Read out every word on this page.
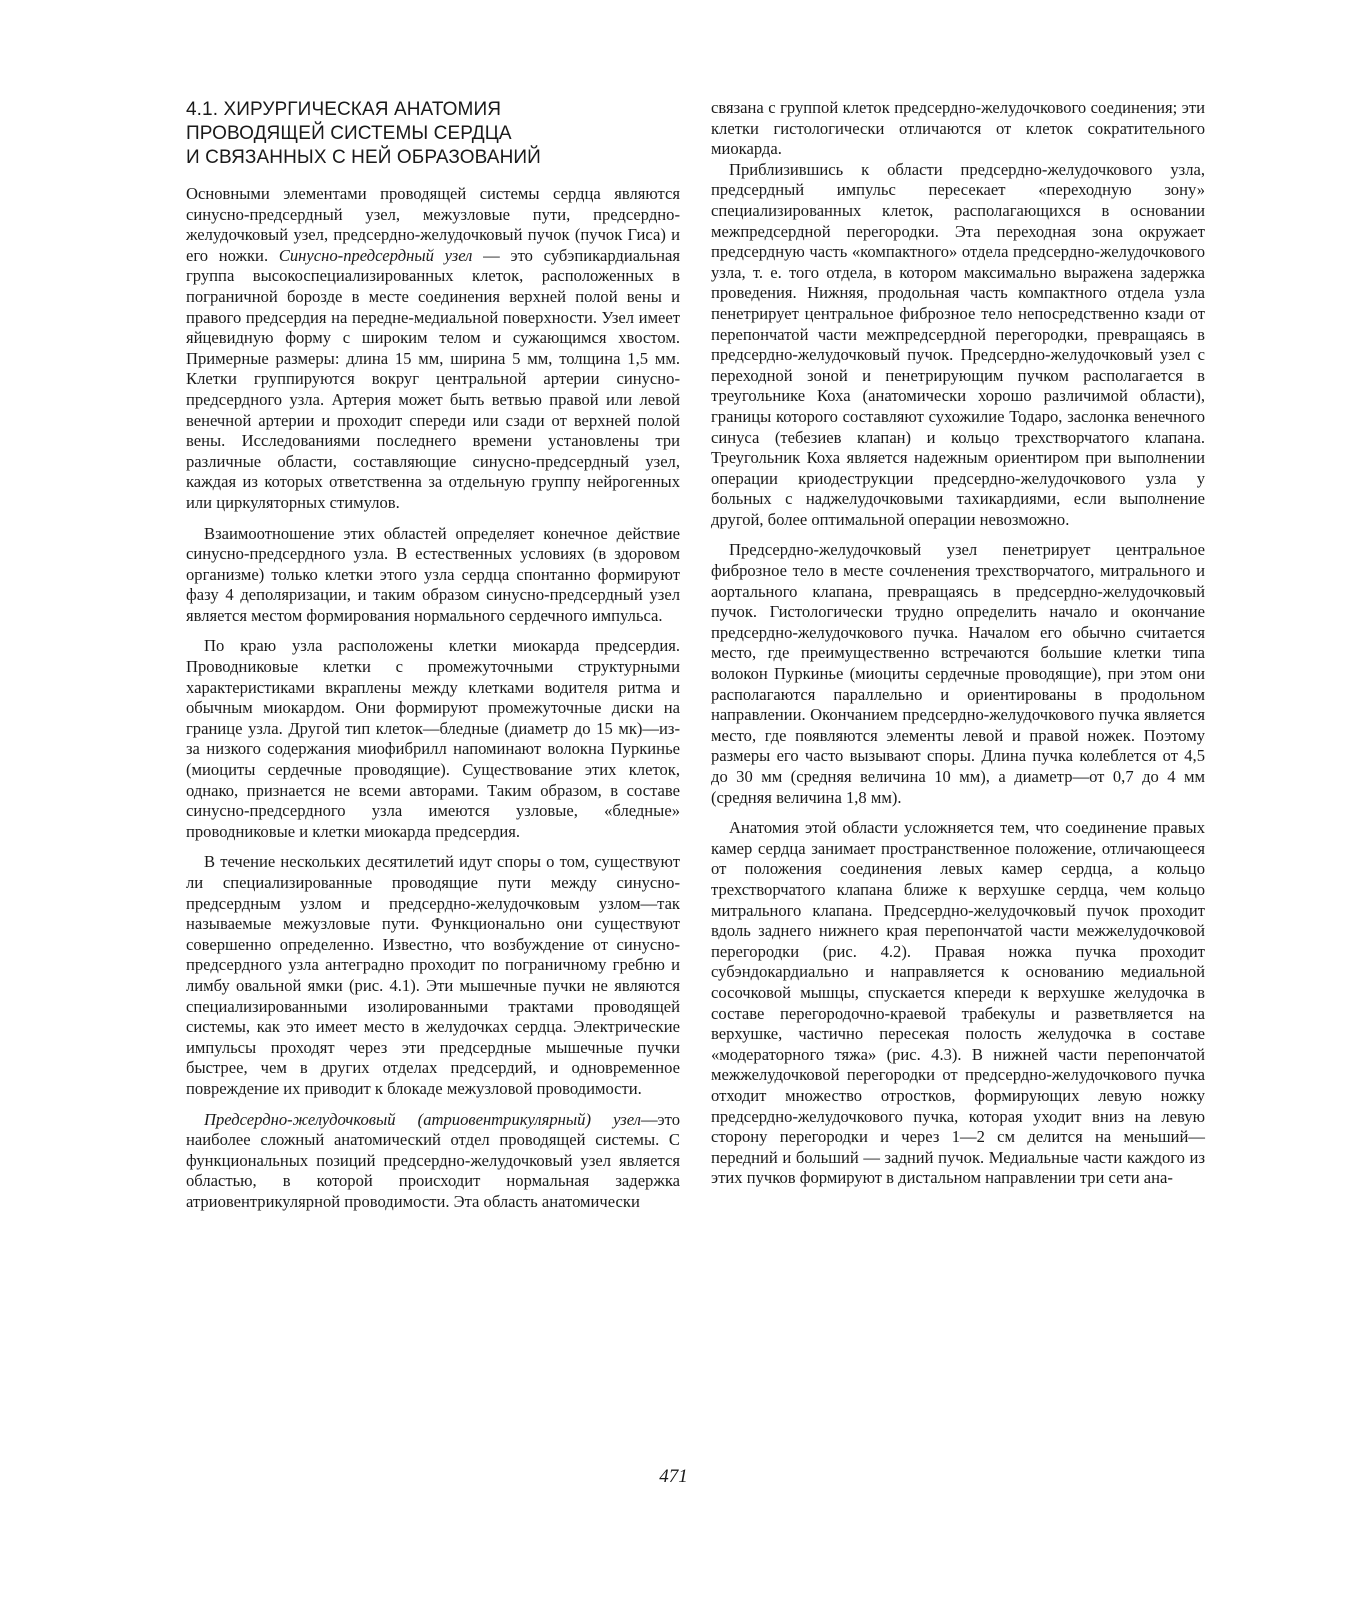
4.1. ХИРУРГИЧЕСКАЯ АНАТОМИЯ
ПРОВОДЯЩЕЙ СИСТЕМЫ СЕРДЦА
И СВЯЗАННЫХ С НЕЙ ОБРАЗОВАНИЙ

Основными элементами проводящей системы сердца являются синусно-предсердный узел, межузловые пути, предсердно-желудочковый узел, предсердно-желудочковый пучок (пучок Гиса) и его ножки. Синусно-предсердный узел — это субэпикардиальная группа высокоспециализированных клеток, расположенных в пограничной борозде в месте соединения верхней полой вены и правого предсердия на передне-медиальной поверхности. Узел имеет яйцевидную форму с широким телом и сужающимся хвостом. Примерные размеры: длина 15 мм, ширина 5 мм, толщина 1,5 мм. Клетки группируются вокруг центральной артерии синусно-предсердного узла. Артерия может быть ветвью правой или левой венечной артерии и проходит спереди или сзади от верхней полой вены. Исследованиями последнего времени установлены три различные области, составляющие синусно-предсердный узел, каждая из которых ответственна за отдельную группу нейрогенных или циркуляторных стимулов.

Взаимоотношение этих областей определяет конечное действие синусно-предсердного узла. В естественных условиях (в здоровом организме) только клетки этого узла сердца спонтанно формируют фазу 4 деполяризации, и таким образом синусно-предсердный узел является местом формирования нормального сердечного импульса.

По краю узла расположены клетки миокарда предсердия. Проводниковые клетки с промежуточными структурными характеристиками вкраплены между клетками водителя ритма и обычным миокардом. Они формируют промежуточные диски на границе узла. Другой тип клеток—бледные (диаметр до 15 мк)—из-за низкого содержания миофибрилл напоминают волокна Пуркинье (миоциты сердечные проводящие). Существование этих клеток, однако, признается не всеми авторами. Таким образом, в составе синусно-предсердного узла имеются узловые, «бледные» проводниковые и клетки миокарда предсердия.

В течение нескольких десятилетий идут споры о том, существуют ли специализированные проводящие пути между синусно-предсердным узлом и предсердно-желудочковым узлом—так называемые межузловые пути. Функционально они существуют совершенно определенно. Известно, что возбуждение от синусно-предсердного узла антеградно проходит по пограничному гребню и лимбу овальной ямки (рис. 4.1). Эти мышечные пучки не являются специализированными изолированными трактами проводящей системы, как это имеет место в желудочках сердца. Электрические импульсы проходят через эти предсердные мышечные пучки быстрее, чем в других отделах предсердий, и одновременное повреждение их приводит к блокаде межузловой проводимости.

Предсердно-желудочковый (атриовентрикулярный) узел—это наиболее сложный анатомический отдел проводящей системы. С функциональных позиций предсердно-желудочковый узел является областью, в которой происходит нормальная задержка атриовентрикулярной проводимости. Эта область анатомически

связана с группой клеток предсердно-желудочкового соединения; эти клетки гистологически отличаются от клеток сократительного миокарда.

Приблизившись к области предсердно-желудочкового узла, предсердный импульс пересекает «переходную зону» специализированных клеток, располагающихся в основании межпредсердной перегородки. Эта переходная зона окружает предсердную часть «компактного» отдела предсердно-желудочкового узла, т. е. того отдела, в котором максимально выражена задержка проведения. Нижняя, продольная часть компактного отдела узла пенетрирует центральное фиброзное тело непосредственно кзади от перепончатой части межпредсердной перегородки, превращаясь в предсердно-желудочковый пучок. Предсердно-желудочковый узел с переходной зоной и пенетрирующим пучком располагается в треугольнике Коха (анатомически хорошо различимой области), границы которого составляют сухожилие Тодаро, заслонка венечного синуса (тебезиев клапан) и кольцо трехстворчатого клапана. Треугольник Коха является надежным ориентиром при выполнении операции криодеструкции предсердно-желудочкового узла у больных с наджелудочковыми тахикардиями, если выполнение другой, более оптимальной операции невозможно.

Предсердно-желудочковый узел пенетрирует центральное фиброзное тело в месте сочленения трехстворчатого, митрального и аортального клапана, превращаясь в предсердно-желудочковый пучок. Гистологически трудно определить начало и окончание предсердно-желудочкового пучка. Началом его обычно считается место, где преимущественно встречаются большие клетки типа волокон Пуркинье (миоциты сердечные проводящие), при этом они располагаются параллельно и ориентированы в продольном направлении. Окончанием предсердно-желудочкового пучка является место, где появляются элементы левой и правой ножек. Поэтому размеры его часто вызывают споры. Длина пучка колеблется от 4,5 до 30 мм (средняя величина 10 мм), а диаметр—от 0,7 до 4 мм (средняя величина 1,8 мм).

Анатомия этой области усложняется тем, что соединение правых камер сердца занимает пространственное положение, отличающееся от положения соединения левых камер сердца, а кольцо трехстворчатого клапана ближе к верхушке сердца, чем кольцо митрального клапана. Предсердно-желудочковый пучок проходит вдоль заднего нижнего края перепончатой части межжелудочковой перегородки (рис. 4.2). Правая ножка пучка проходит субэндокардиально и направляется к основанию медиальной сосочковой мышцы, спускается кпереди к верхушке желудочка в составе перегородочно-краевой трабекулы и разветвляется на верхушке, частично пересекая полость желудочка в составе «модераторного тяжа» (рис. 4.3). В нижней части перепончатой межжелудочковой перегородки от предсердно-желудочкового пучка отходит множество отростков, формирующих левую ножку предсердно-желудочкового пучка, которая уходит вниз на левую сторону перегородки и через 1—2 см делится на меньший—передний и больший — задний пучок. Медиальные части каждого из этих пучков формируют в дистальном направлении три сети ана-

471
